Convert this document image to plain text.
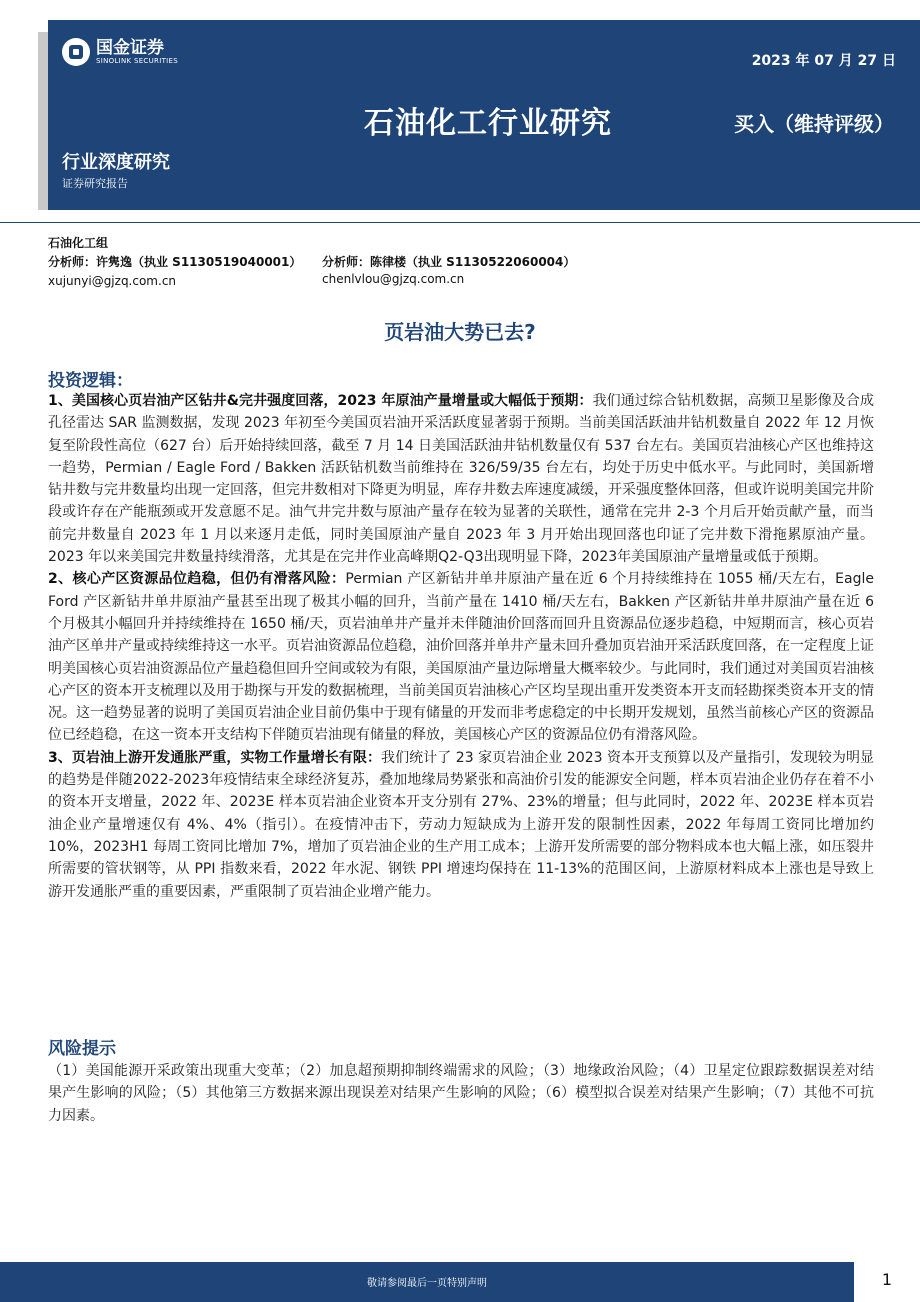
国金证券
SINOLINK SECURITIES	2023 年 07 月 27 日
石油化工行业研究	买入（维持评级）
行业深度研究
证券研究报告
石油化工组
分析师：许隽逸（执业 S1130519040001）
xujunyi@gjzq.com.cn
分析师：陈律楼（执业 S1130522060004）
chenlvlou@gjzq.com.cn
页岩油大势已去?
投资逻辑：

1、美国核心页岩油产区钻井&完井强度回落，2023 年原油产量增量或大幅低于预期：我们通过综合钻机数据，高频卫星影像及合成孔径雷达 SAR 监测数据，发现 2023 年初至今美国页岩油开采活跃度显著弱于预期。当前美国活跃油井钻机数量自 2022 年 12 月恢复至阶段性高位（627 台）后开始持续回落，截至 7 月 14 日美国活跃油井钻机数量仅有 537 台左右。美国页岩油核心产区也维持这一趋势，Permian / Eagle Ford / Bakken 活跃钻机数当前维持在 326/59/35 台左右，均处于历史中低水平。与此同时，美国新增钻井数与完井数量均出现一定回落，但完井数相对下降更为明显，库存井数去库速度减缓，开采强度整体回落，但或许说明美国完井阶段或许存在产能瓶颈或开发意愿不足。油气井完井数与原油产量存在较为显著的关联性，通常在完井 2-3 个月后开始贡献产量，而当前完井数量自 2023 年 1 月以来逐月走低，同时美国原油产量自 2023 年 3 月开始出现回落也印证了完井数下滑拖累原油产量。2023 年以来美国完井数量持续滑落，尤其是在完井作业高峰期Q2-Q3出现明显下降，2023年美国原油产量增量或低于预期。

2、核心产区资源品位趋稳，但仍有滑落风险：Permian 产区新钻井单井原油产量在近 6 个月持续维持在 1055 桶/天左右，Eagle Ford 产区新钻井单井原油产量甚至出现了极其小幅的回升，当前产量在 1410 桶/天左右，Bakken 产区新钻井单井原油产量在近 6 个月极其小幅回升并持续维持在 1650 桶/天，页岩油单井产量并未伴随油价回落而回升且资源品位逐步趋稳，中短期而言，核心页岩油产区单井产量或持续维持这一水平。页岩油资源品位趋稳，油价回落并单井产量未回升叠加页岩油开采活跃度回落，在一定程度上证明美国核心页岩油资源品位产量趋稳但回升空间或较为有限，美国原油产量边际增量大概率较少。与此同时，我们通过对美国页岩油核心产区的资本开支梳理以及用于勘探与开发的数据梳理，当前美国页岩油核心产区均呈现出重开发类资本开支而轻勘探类资本开支的情况。这一趋势显著的说明了美国页岩油企业目前仍集中于现有储量的开发而非考虑稳定的中长期开发规划，虽然当前核心产区的资源品位已经趋稳，在这一资本开支结构下伴随页岩油现有储量的释放，美国核心产区的资源品位仍有滑落风险。

3、页岩油上游开发通胀严重，实物工作量增长有限：我们统计了 23 家页岩油企业 2023 资本开支预算以及产量指引，发现较为明显的趋势是伴随2022-2023年疫情结束全球经济复苏，叠加地缘局势紧张和高油价引发的能源安全问题，样本页岩油企业仍存在着不小的资本开支增量，2022 年、2023E 样本页岩油企业资本开支分别有 27%、23%的增量；但与此同时，2022 年、2023E 样本页岩油企业产量增速仅有 4%、4%（指引）。在疫情冲击下，劳动力短缺成为上游开发的限制性因素，2022 年每周工资同比增加约 10%，2023H1 每周工资同比增加 7%，增加了页岩油企业的生产用工成本；上游开发所需要的部分物料成本也大幅上涨，如压裂井所需要的管状钢等，从 PPI 指数来看，2022 年水泥、钢铁 PPI 增速均保持在 11-13%的范围区间，上游原材料成本上涨也是导致上游开发通胀严重的重要因素，严重限制了页岩油企业增产能力。

风险提示

（1）美国能源开采政策出现重大变革；（2）加息超预期抑制终端需求的风险；（3）地缘政治风险；（4）卫星定位跟踪数据误差对结果产生影响的风险；（5）其他第三方数据来源出现误差对结果产生影响的风险；（6）模型拟合误差对结果产生影响；（7）其他不可抗力因素。

敬请参阅最后一页特别声明	1
